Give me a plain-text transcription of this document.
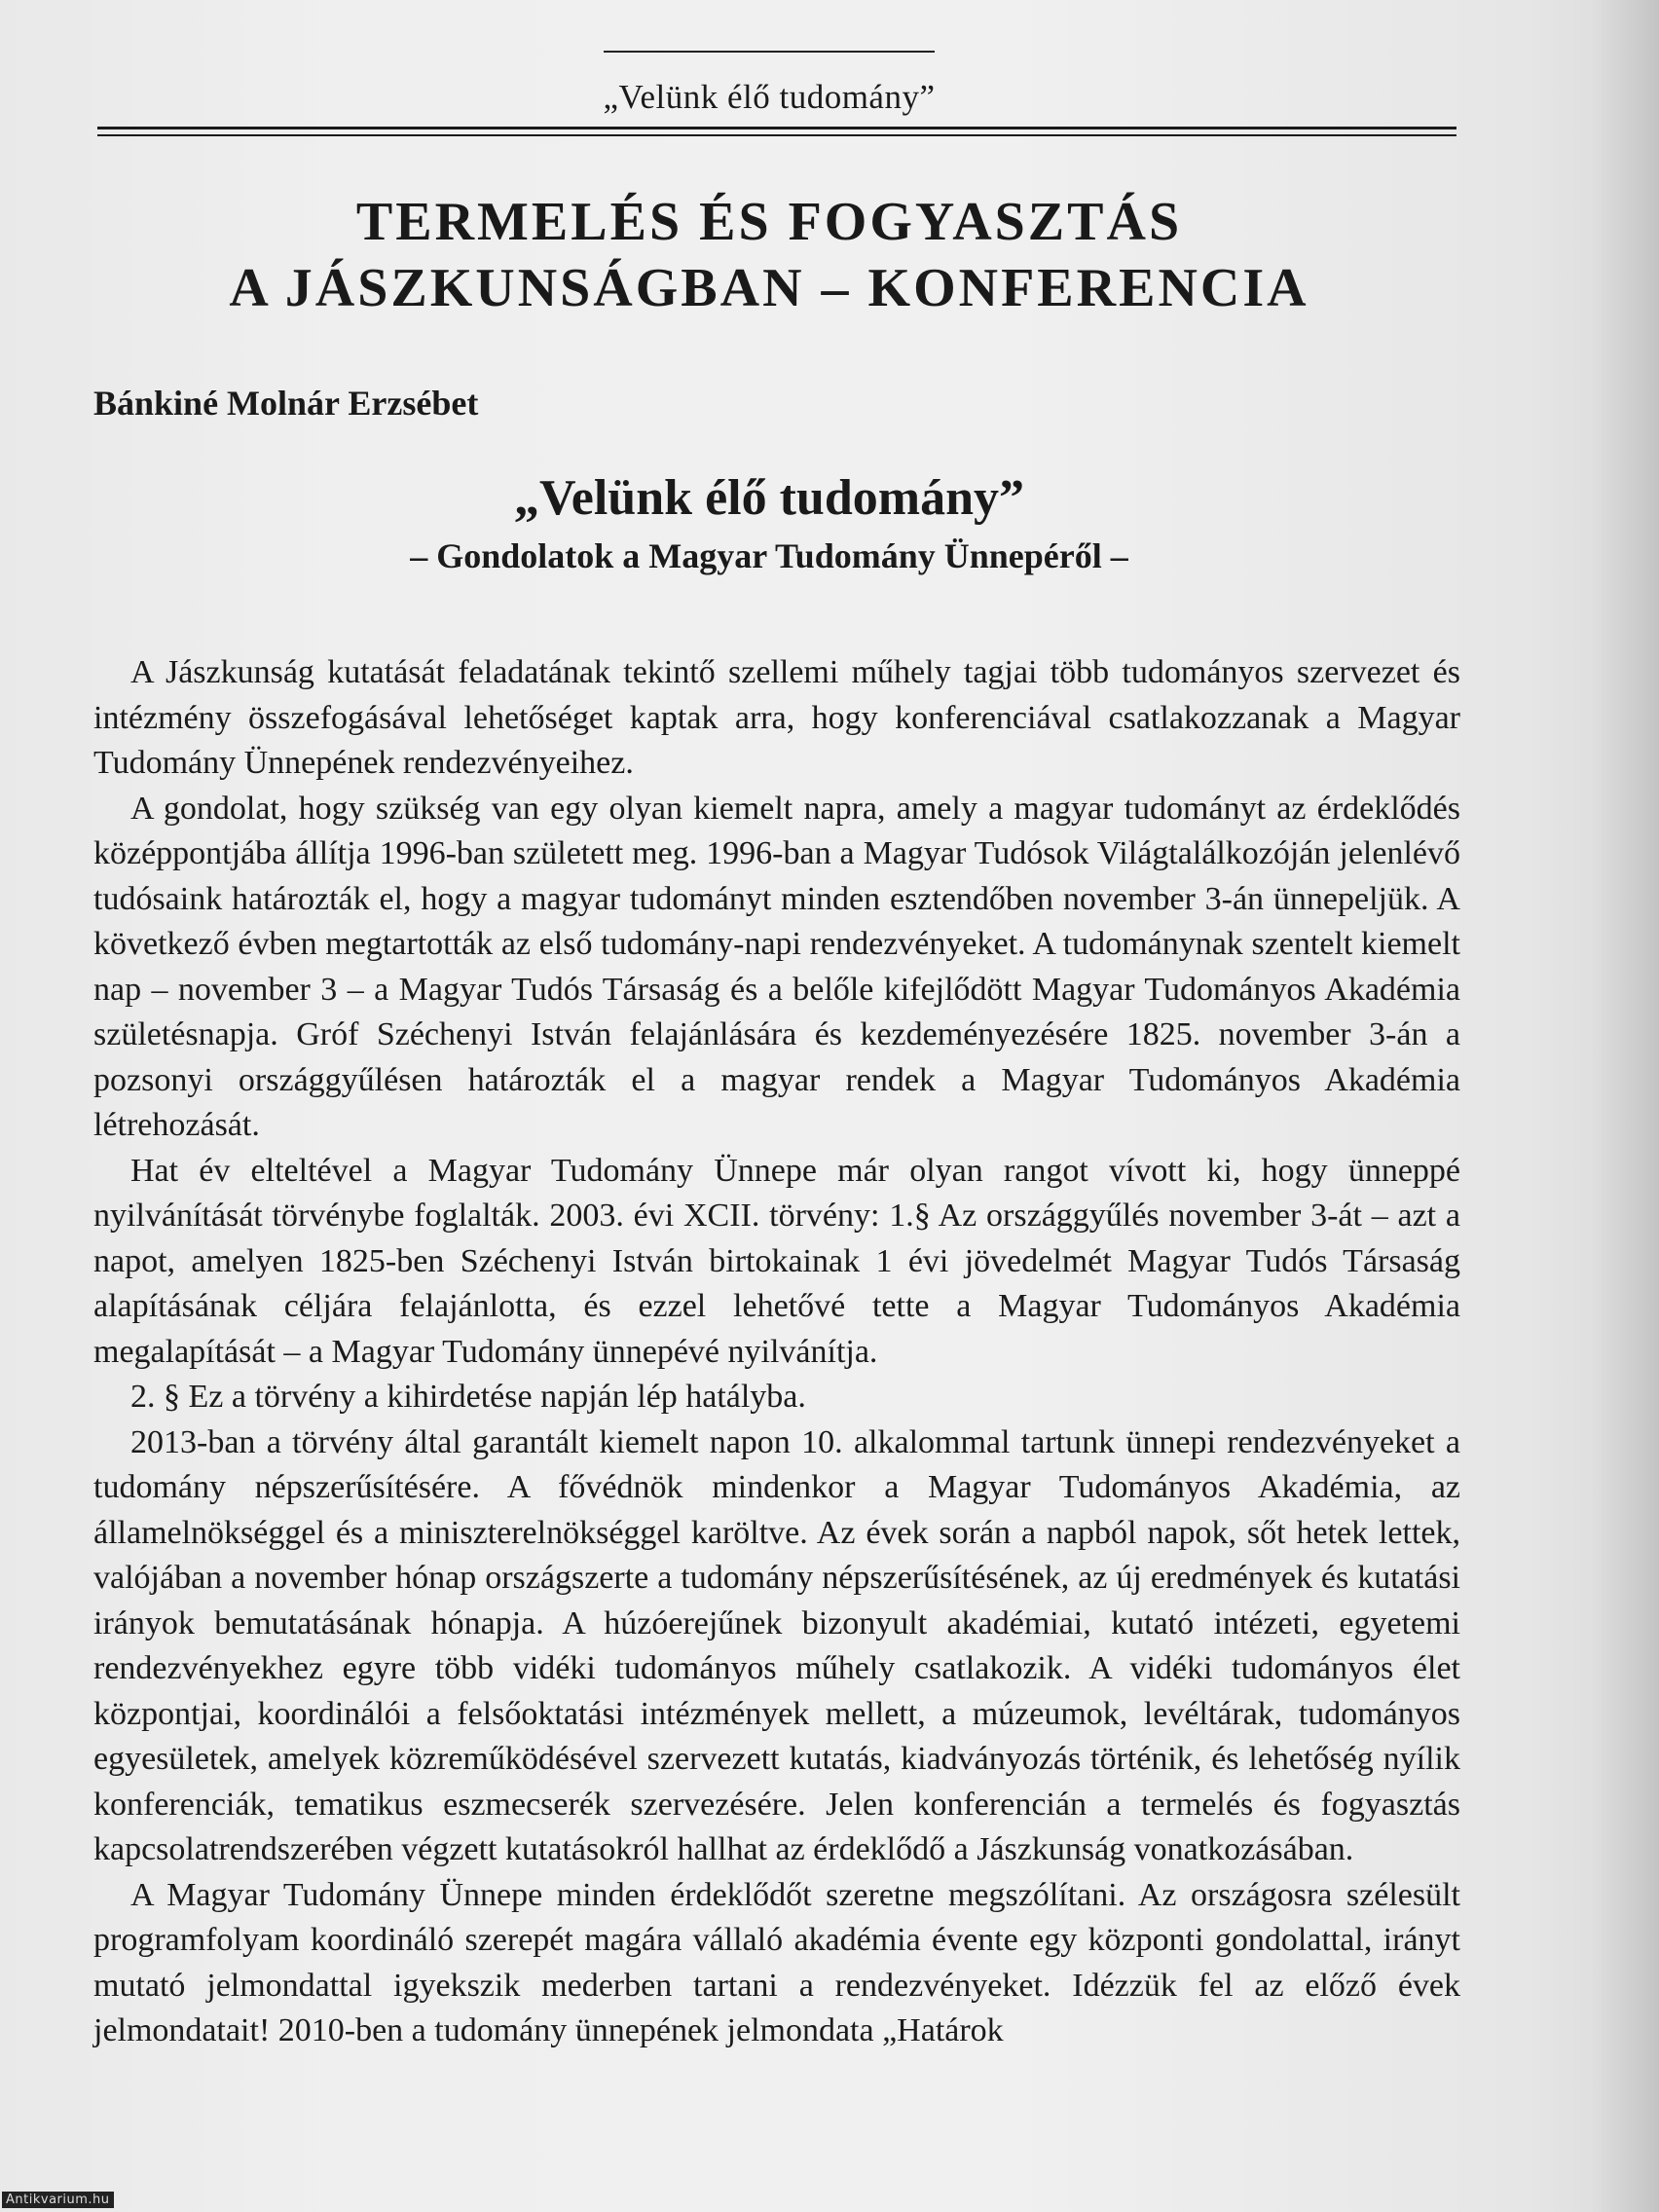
„Velünk élő tudomány”
TERMELÉS ÉS FOGYASZTÁS
A JÁSZKUNSÁGBAN – KONFERENCIA
Bánkiné Molnár Erzsébet
„Velünk élő tudomány”
– Gondolatok a Magyar Tudomány Ünnepéről –

A Jászkunság kutatását feladatának tekintő szellemi műhely tagjai több tudományos szervezet és intézmény összefogásával lehetőséget kaptak arra, hogy konferenciával csatlakozzanak a Magyar Tudomány Ünnepének rendezvényeihez.

A gondolat, hogy szükség van egy olyan kiemelt napra, amely a magyar tudományt az érdeklődés középpontjába állítja 1996-ban született meg. 1996-ban a Magyar Tudósok Világtalálkozóján jelenlévő tudósaink határozták el, hogy a magyar tudományt minden esztendőben november 3-án ünnepeljük. A következő évben megtartották az első tudomány-napi rendezvényeket. A tudománynak szentelt kiemelt nap – november 3 – a Magyar Tudós Társaság és a belőle kifejlődött Magyar Tudományos Akadémia születésnapja. Gróf Széchenyi István felajánlására és kezdeményezésére 1825. november 3-án a pozsonyi országgyűlésen határozták el a magyar rendek a Magyar Tudományos Akadémia létrehozását.

Hat év elteltével a Magyar Tudomány Ünnepe már olyan rangot vívott ki, hogy ünneppé nyilvánítását törvénybe foglalták. 2003. évi XCII. törvény: 1.§ Az országgyűlés november 3-át – azt a napot, amelyen 1825-ben Széchenyi István birtokainak 1 évi jövedelmét Magyar Tudós Társaság alapításának céljára felajánlotta, és ezzel lehetővé tette a Magyar Tudományos Akadémia megalapítását – a Magyar Tudomány ünnepévé nyilvánítja.

2. § Ez a törvény a kihirdetése napján lép hatályba.

2013-ban a törvény által garantált kiemelt napon 10. alkalommal tartunk ünnepi rendezvényeket a tudomány népszerűsítésére. A fővédnök mindenkor a Magyar Tudományos Akadémia, az államelnökséggel és a miniszterelnökséggel karöltve. Az évek során a napból napok, sőt hetek lettek, valójában a november hónap országszerte a tudomány népszerűsítésének, az új eredmények és kutatási irányok bemutatásának hónapja. A húzóerejűnek bizonyult akadémiai, kutató intézeti, egyetemi rendezvényekhez egyre több vidéki tudományos műhely csatlakozik. A vidéki tudományos élet központjai, koordinálói a felsőoktatási intézmények mellett, a múzeumok, levéltárak, tudományos egyesületek, amelyek közreműködésével szervezett kutatás, kiadványozás történik, és lehetőség nyílik konferenciák, tematikus eszmecserék szervezésére. Jelen konferencián a termelés és fogyasztás kapcsolatrendszerében végzett kutatásokról hallhat az érdeklődő a Jászkunság vonatkozásában.

A Magyar Tudomány Ünnepe minden érdeklődőt szeretne megszólítani. Az országosra szélesült programfolyam koordináló szerepét magára vállaló akadémia évente egy központi gondolattal, irányt mutató jelmondattal igyekszik mederben tartani a rendezvényeket. Idézzük fel az előző évek jelmondatait! 2010-ben a tudomány ünnepének jelmondata „Határok

Antikvarium.hu
